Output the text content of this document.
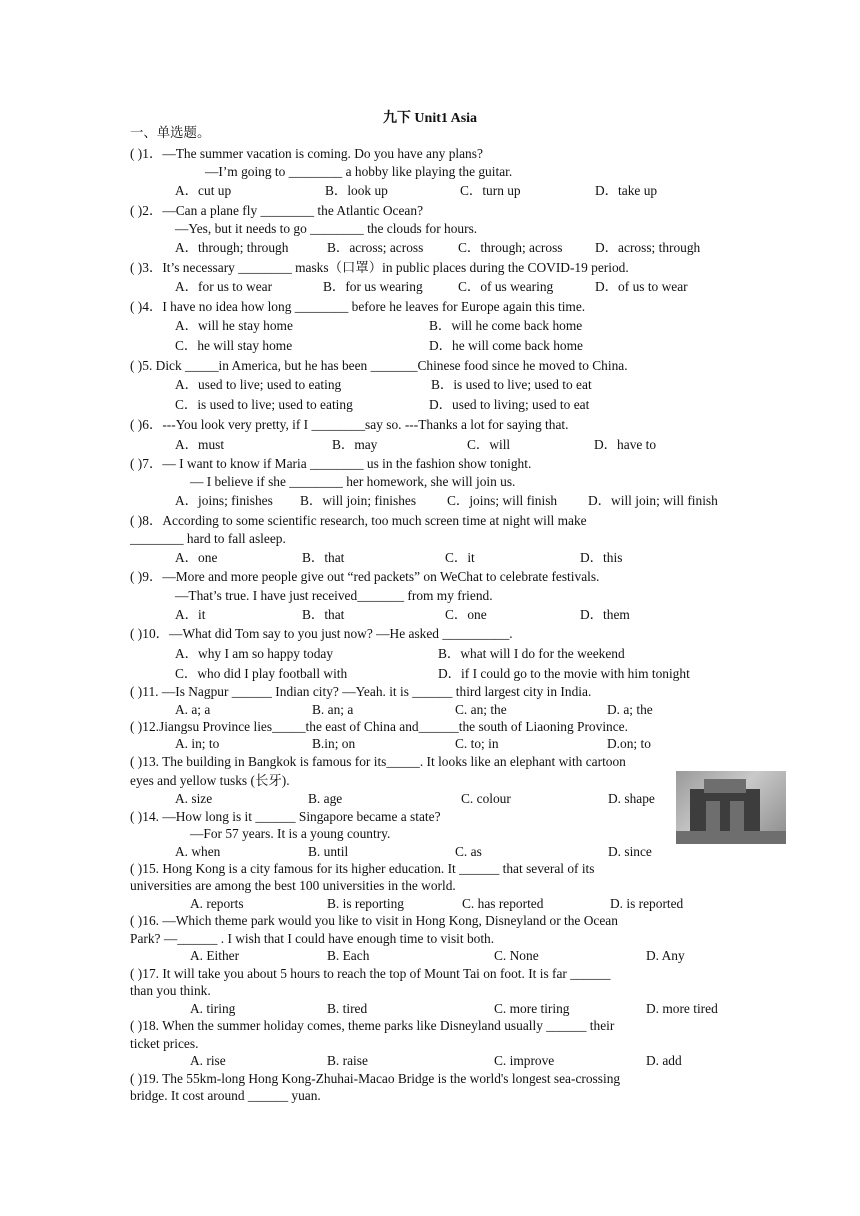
九下 Unit1 Asia
一、单选题。
( )1．—The summer vacation is coming. Do you have any plans?
—I’m going to ________ a hobby like playing the guitar.
A．cut up	B．look up	C．turn up	D．take up
( )2．—Can a plane fly ________ the Atlantic Ocean?
—Yes, but it needs to go ________ the clouds for hours.
A．through; through	B．across; across	C．through; across D．across; through
( )3．It’s necessary ________ masks（口罩）in public places during the COVID-19 period.
A．for us to wear	B．for us wearing	C．of us wearing	D．of us to wear
( )4．I have no idea how long ________ before he leaves for Europe again this time.
A．will he stay home	B．will he come back home
C．he will stay home	D．he will come back home
( )5. Dick _____in America, but he has been _______Chinese food since he moved to China.
A．used to live; used to eating	B．is used to live; used to eat
C．is used to live; used to eating	D．used to living; used to eat
( )6．---You look very pretty, if I ________say so. ---Thanks a lot for saying that.
A．must	B．may	C．will	D．have to
( )7．— I want to know if Maria ________ us in the fashion show tonight.
— I believe if she ________ her homework, she will join us.
A．joins; finishes B．will join; finishes C．joins; will finish D．will join; will finish
( )8．According to some scientific research, too much screen time at night will make
________ hard to fall asleep.
A．one	B．that	C．it	D．this
( )9．—More and more people give out “red packets” on WeChat to celebrate festivals.
—That’s true. I have just received_______ from my friend.
A．it	B．that	C．one	D．them
( )10．—What did Tom say to you just now? —He asked __________.
A．why I am so happy today	B．what will I do for the weekend
C．who did I play football with	D．if I could go to the movie with him tonight
( )11. —Is Nagpur ______ Indian city? —Yeah. it is ______ third largest city in India.
A. a; a	B. an; a	C. an; the	D. a; the
( )12.Jiangsu Province lies_____the east of China and______the south of Liaoning Province.
A. in; to	B.in; on	C. to; in	D.on; to
( )13. The building in Bangkok is famous for its_____. It looks like an elephant with cartoon
eyes and yellow tusks (长牙).
A. size	B. age	C. colour	D. shape
( )14. —How long is it ______ Singapore became a state?
—For 57 years. It is a young country.
A. when	B. until	C. as	D. since
( )15. Hong Kong is a city famous for its higher education. It ______ that several of its
universities are among the best 100 universities in the world.
A. reports	B. is reporting	C. has reported	D. is reported
( )16. —Which theme park would you like to visit in Hong Kong, Disneyland or the Ocean
Park? —______ . I wish that I could have enough time to visit both.
A. Either	B. Each	C. None	D. Any
( )17. It will take you about 5 hours to reach the top of Mount Tai on foot. It is far ______
than you think.
A. tiring	B. tired	C. more tiring	D. more tired
( )18. When the summer holiday comes, theme parks like Disneyland usually ______ their
ticket prices.
A. rise	B. raise	C. improve	D. add
( )19. The 55km-long Hong Kong-Zhuhai-Macao Bridge is the world's longest sea-crossing
bridge. It cost around ______ yuan.
